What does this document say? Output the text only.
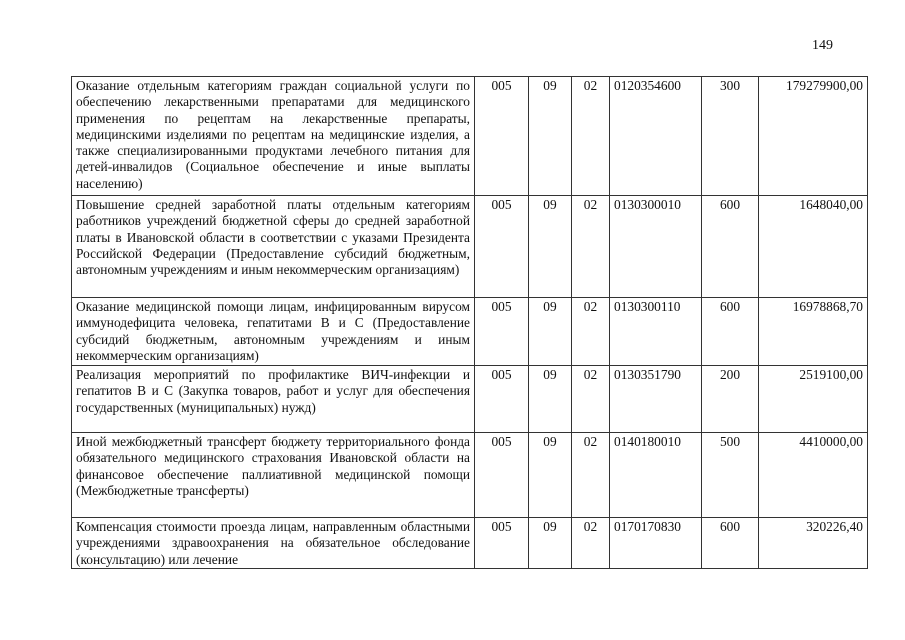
149
Оказание отдельным категориям граждан социальной услуги по обеспечению лекарственными препаратами для медицинского применения по рецептам на лекарственные препараты, медицинскими изделиями по рецептам на медицинские изделия, а также специализированными продуктами лечебного питания для детей-инвалидов (Социальное обеспечение и иные выплаты населению)	005	09	02	0120354600	300	179279900,00
Повышение средней заработной платы отдельным категориям работников учреждений бюджетной сферы до средней заработной платы в Ивановской области в соответствии с указами Президента Российской Федерации (Предоставление субсидий бюджетным, автономным учреждениям и иным некоммерческим организациям)	005	09	02	0130300010	600	1648040,00
Оказание медицинской помощи лицам, инфицированным вирусом иммунодефицита человека, гепатитами B и C (Предоставление субсидий бюджетным, автономным учреждениям и иным некоммерческим организациям)	005	09	02	0130300110	600	16978868,70
Реализация мероприятий по профилактике ВИЧ-инфекции и гепатитов B и C (Закупка товаров, работ и услуг для обеспечения государственных (муниципальных) нужд)	005	09	02	0130351790	200	2519100,00
Иной межбюджетный трансферт бюджету территориального фонда обязательного медицинского страхования Ивановской области на финансовое обеспечение паллиативной медицинской помощи (Межбюджетные трансферты)	005	09	02	0140180010	500	4410000,00
Компенсация стоимости проезда лицам, направленным областными учреждениями здравоохранения на обязательное обследование (консультацию) или лечение	005	09	02	0170170830	600	320226,40
